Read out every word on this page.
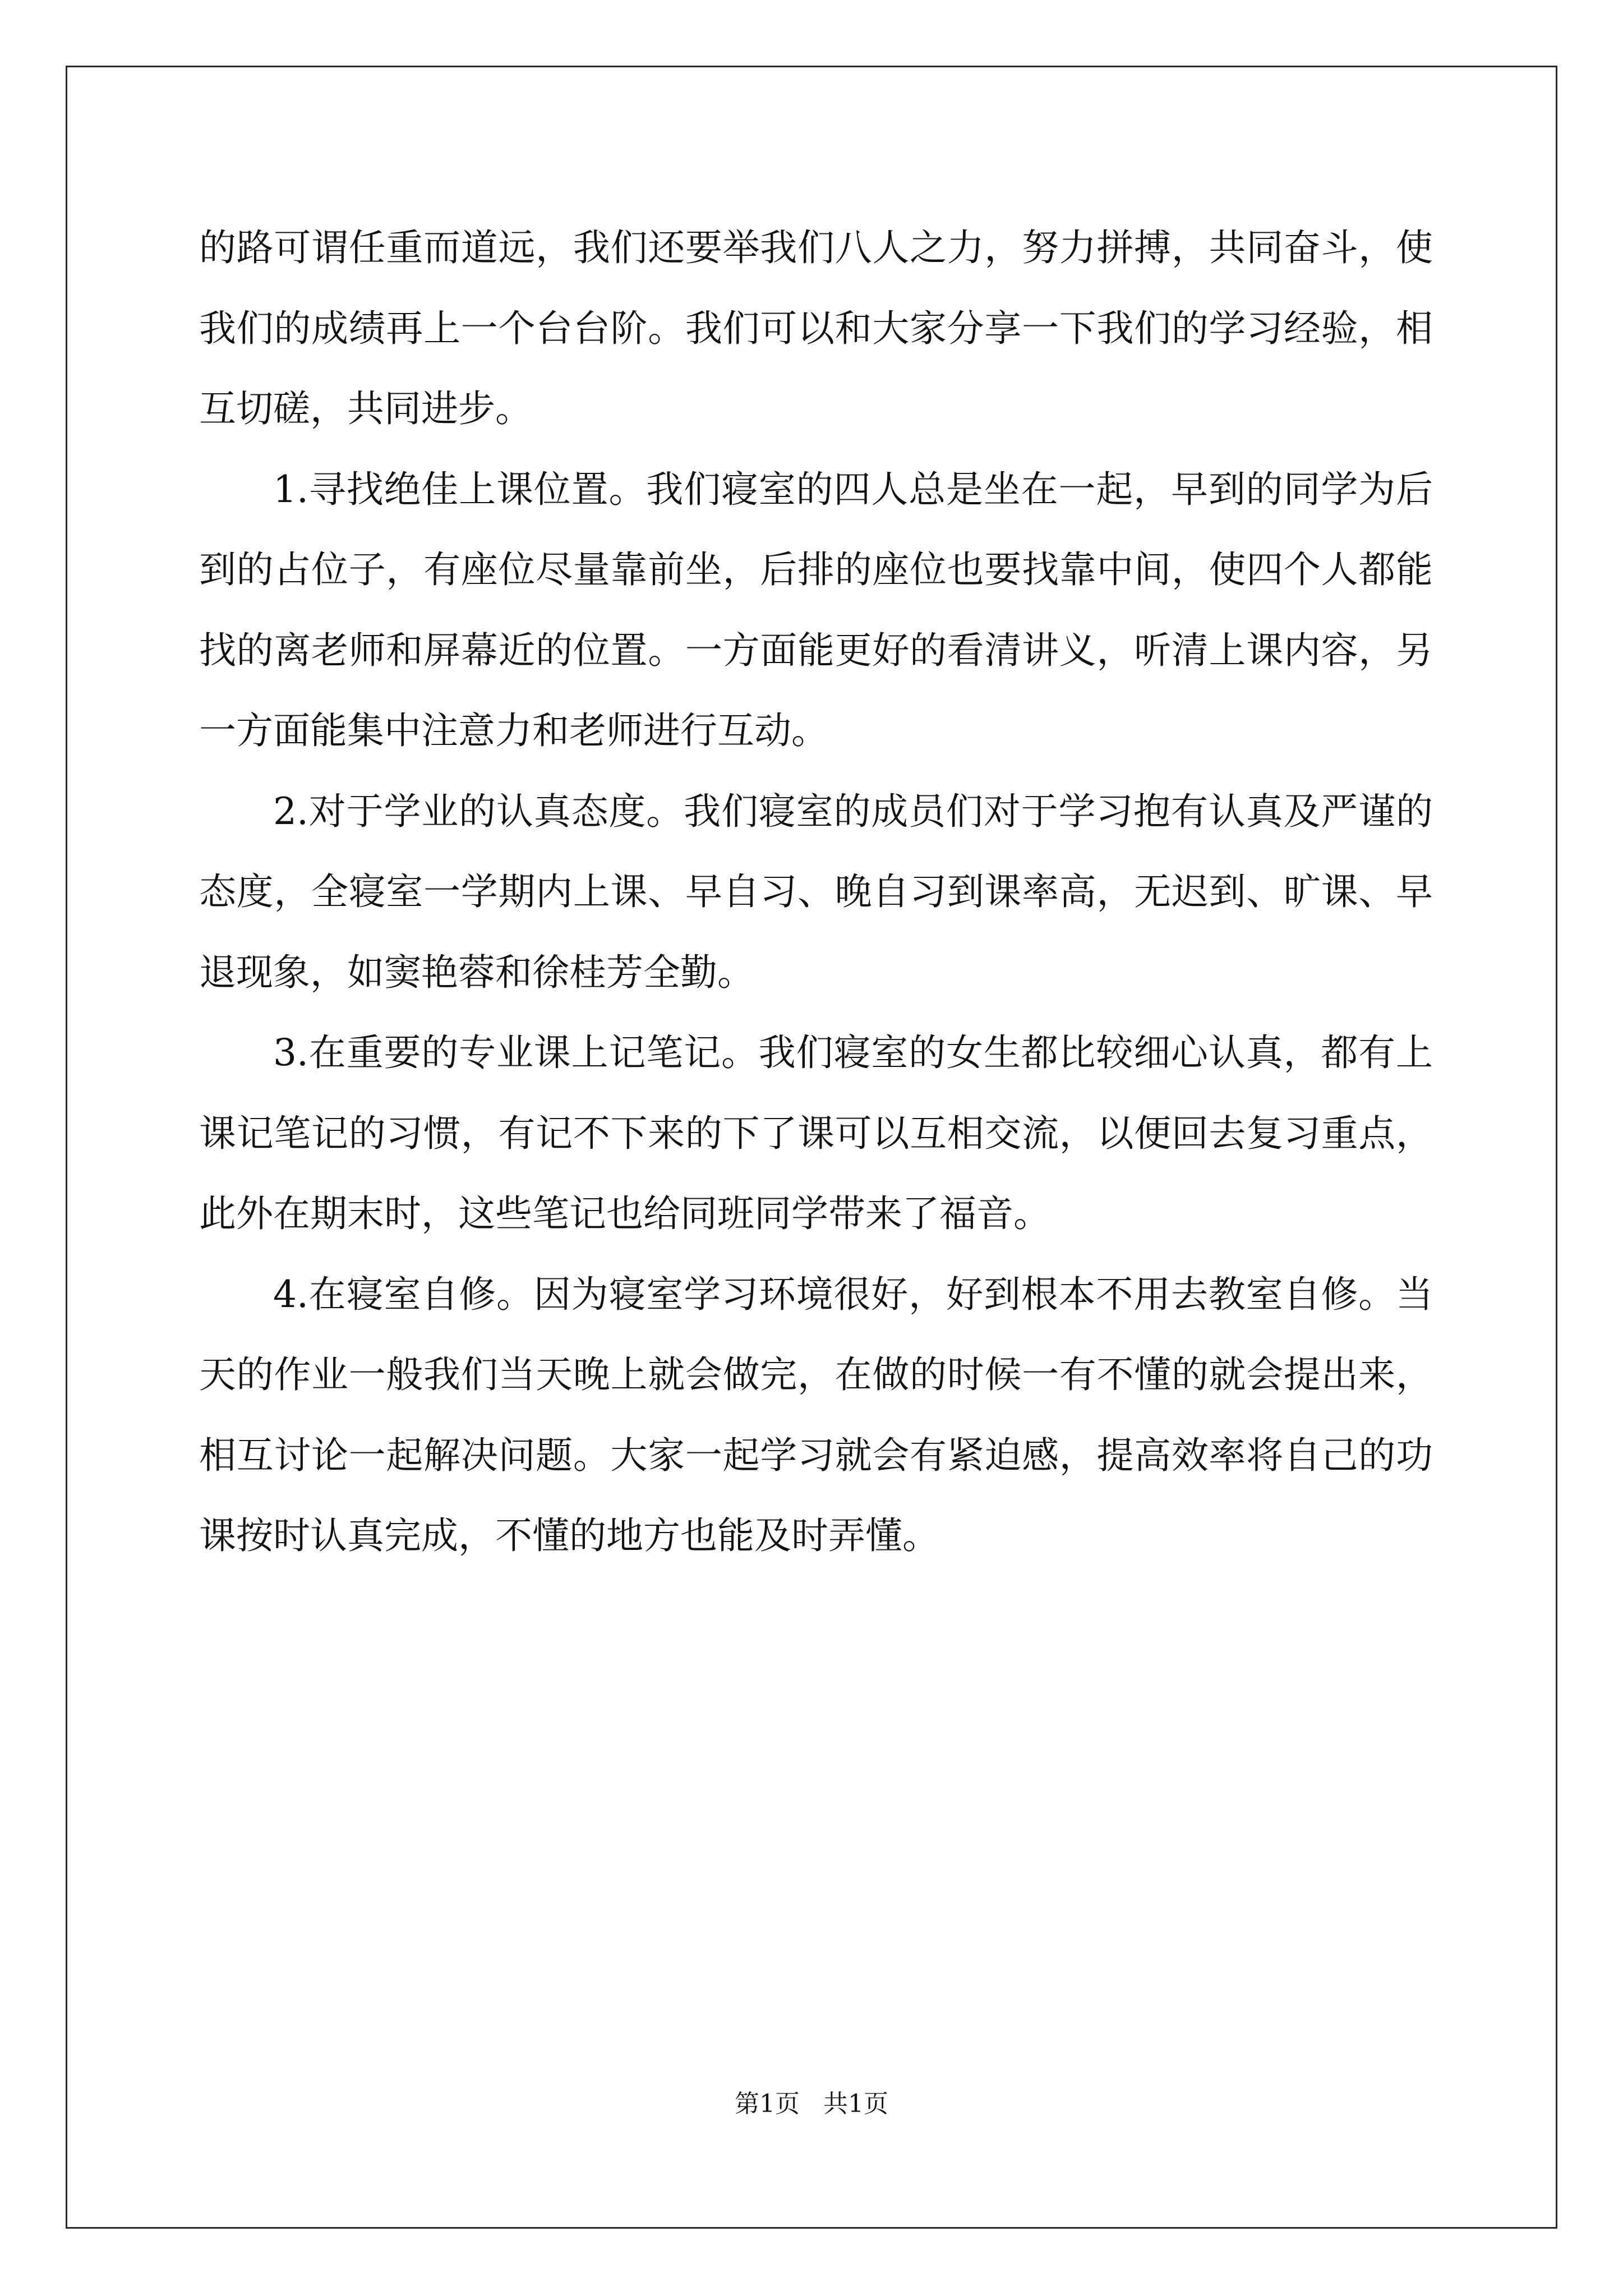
的路可谓任重而道远，我们还要举我们八人之力，努力拼搏，共同奋斗，使我们的成绩再上一个台台阶。我们可以和大家分享一下我们的学习经验，相互切磋，共同进步。

1.寻找绝佳上课位置。我们寝室的四人总是坐在一起，早到的同学为后到的占位子，有座位尽量靠前坐，后排的座位也要找靠中间，使四个人都能找的离老师和屏幕近的位置。一方面能更好的看清讲义，听清上课内容，另一方面能集中注意力和老师进行互动。

2.对于学业的认真态度。我们寝室的成员们对于学习抱有认真及严谨的态度，全寝室一学期内上课、早自习、晚自习到课率高，无迟到、旷课、早退现象，如窦艳蓉和徐桂芳全勤。

3.在重要的专业课上记笔记。我们寝室的女生都比较细心认真，都有上课记笔记的习惯，有记不下来的下了课可以互相交流，以便回去复习重点，此外在期末时，这些笔记也给同班同学带来了福音。

4.在寝室自修。因为寝室学习环境很好，好到根本不用去教室自修。当天的作业一般我们当天晚上就会做完，在做的时候一有不懂的就会提出来，相互讨论一起解决问题。大家一起学习就会有紧迫感，提高效率将自己的功课按时认真完成，不懂的地方也能及时弄懂。

第1页   共1页
